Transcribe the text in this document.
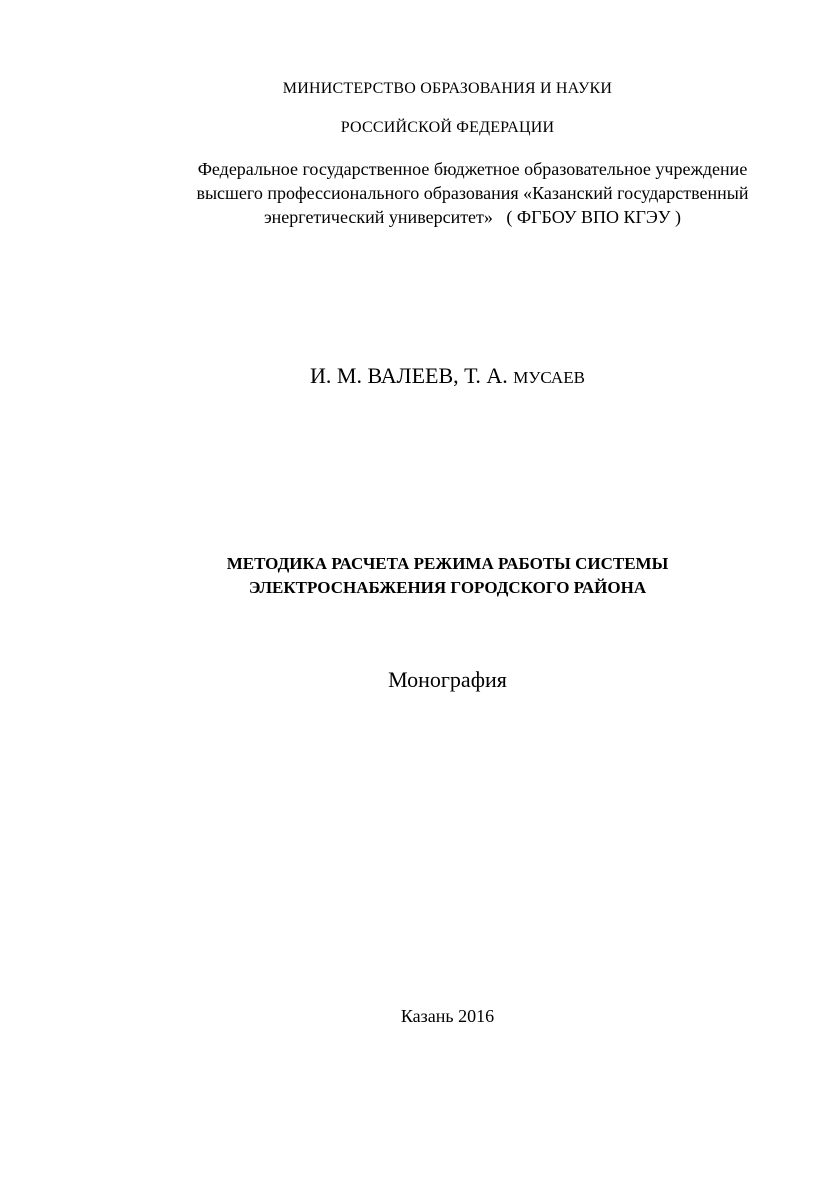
МИНИСТЕРСТВО ОБРАЗОВАНИЯ И НАУКИ
РОССИЙСКОЙ ФЕДЕРАЦИИ
Федеральное государственное бюджетное образовательное учреждение
высшего профессионального образования «Казанский государственный
энергетический университет»   ( ФГБОУ ВПО КГЭУ )
И. М. ВАЛЕЕВ, Т. А. МУСАЕВ
МЕТОДИКА РАСЧЕТА РЕЖИМА РАБОТЫ СИСТЕМЫ
ЭЛЕКТРОСНАБЖЕНИЯ ГОРОДСКОГО РАЙОНА
Монография
Казань 2016
